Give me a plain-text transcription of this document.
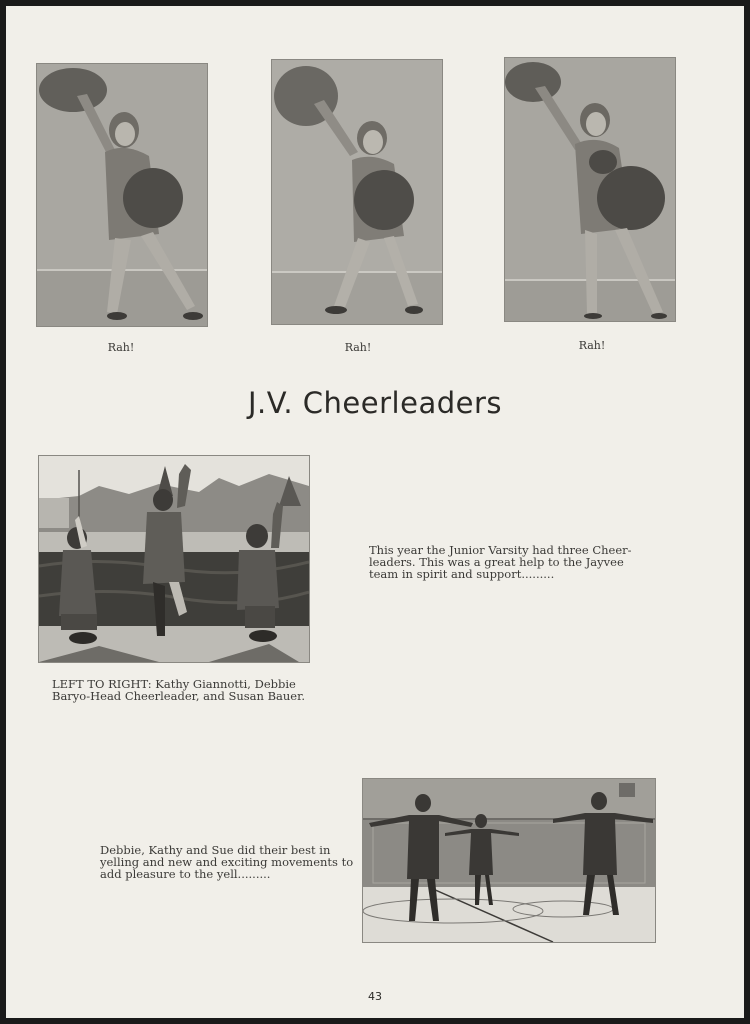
Rah!	Rah!	Rah!
J.V. Cheerleaders
LEFT TO RIGHT: Kathy Giannotti, Debbie
Baryo-Head Cheerleader, and Susan Bauer.
This year the Junior Varsity had three Cheer-
leaders. This was a great help to the Jayvee
team in spirit and support.........
Debbie, Kathy and Sue did their best in
yelling and new and exciting movements to
add pleasure to the yell.........
43
